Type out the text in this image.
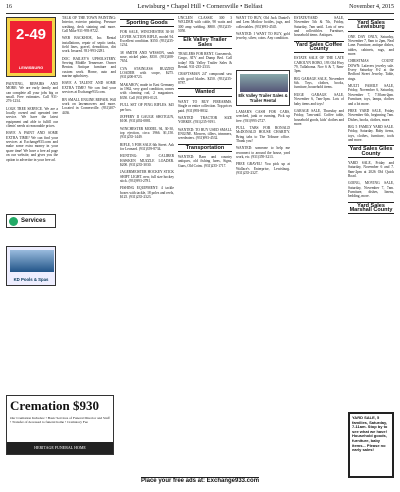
16	Lewisburg • Chapel Hill • Cornersville • Belfast	November 4, 2015
2-49
LEWISBURG

PAINTING, REPAIRS AND MORE: We are early family and can complete all your jobs big or small. Free estimates. Call 931-276-1234.

LOGE TREE SERVICE. We are a locally owned and operated tree service. We have the latest equipment and able to fulfill our clients' needs at reasonable prices.

HAVE A PAINT AND SOME EXTRA TIME? We can find your services at Exchange933.com and make some extra money in your spare time! We have a free ad page on our website, and gives you the option to advertise in your free ad.

Services
KD Pools & Spas

TALK OF THE TOWN PAINTING: Interior, exterior painting. Pressure washing, deck staining and more. Call Mike 931-993-8722.

WEB BACKHOE, Inc. Rental installations, repair of septic tanks, field lines, gravel, demolition, dirt work. Insured. 931-993-2281.

DOC BAILEY'S UPHOLSTERY. Serving Middle Tennessee. Owner Benton. Antique furniture and custom work. Home, auto and marine upholstery.

HAVE A TALENT AND SOME EXTRA TIME? We can find your services at Exchange933.com.

RN SMALL ENGINE REPAIR. Will work on lawnmowers and more. Located in Cornersville. (931)307-4436.

Sporting Goods

FOR SALE, WINCHESTER 30-30 LEVER ACTION RIFLE, model 94. Excellent condition. $350. (931)235-1234.

38 SMITH AND WESSON, snub nose, nickel plate, $350. (931)308-7654.

CVA STAINLESS BUZZED LOADER with scope, $275. (931)200-8723.

MAKAROV, made in East Germany in 1962, very good condition, comes with cleaning rod, 2 magazines. $350. Call (931)993-0121.

FULL SET OF PING RIFLES. $45 per box.

JEFFERY II GAUGE SHOTGUN, $100. (931)492-0881.

WINCHESTER MODEL 94, 30-30, top ejection, circa 1966. $1,150. (931)235-1449.

RIFLE, 5 FOR SALE 6th Street. Ask for Leonard. (931)359-8734.

HUNTING: 30 CALIBER HAWKEN MUZZLE LOADER. $200. (931)235-3030.

JAGERMEISTER HOCKEY STICK SHIFT LIGHT. new, full size hockey stick. (931)993-2781.

FISHING EQUIPMENT: 4 tackle boxes with tackle, 18 poles and reels, $125. (931)235-2323.

UNCLEN CLASSIC 300 3 WELDER with cable, 90 watts and 300 amp welding. $800. (931)235-5050.

Elk Valley Trailer Sales

TRAILERS FOR RENT. Gooseneck, Cargo, ATV and Dump Bed. Call today! Elk Valley Trailer Sales & Rental. 931-235-2333.

CRAFTSMAN 24" compound saw with good blades. $250. (931)235-8787.

Wanted

WANT TO BUY FIREARMS. Single or entire collection. Top prices paid. (931)993-8832.

WANTED TRACTOR SIZE YORKIE. (931)235-9191.

WANTED: TO BUY USED SMALL ENGINE. Mowers, tillers, trimmers, weedeaters. (931)993-4532.

Transportation

WANTED: Barn and country antiques, old fishing lures, Signs, Guns, Old Coins. (931)235-1717.

Elk Valley Trailer Sales & Trailer Rental

WANT TO BUY, Old Jack Daniel's and Lem Motlow bottles, jugs, and collectables. (931)993-4545.

WANTED: I WANT TO BUY, gold jewelry, silver, coins. Any condition.

LAMAR'S CASH FOR CARS, wrecked, junk or running. Pick up free. (931)993-2727.

PULL TABS FOR RONALD McDONALD HOUSE CHARITY. Bring tabs to The Tribune office. Thank you!

WANTED: someone to help me reconnect to around the house, yard work, etc. (931)359-3213.

FREE GRAVEL! You pick up at Wallace's Enterprise, Lewisburg. (931)235-2327.

ESTATE/YARD SALE, November 5th & 7th, Friday, Saturday, 7am until. Lots of new and collectibles. Furniture, household items. Antiques.

Yard Sales Coffee County

ESTATE SALE OF THE LATE CAROLYN ROBO, 193 Old Hwy 79, Tullahoma. Nov 6 & 7, 8am-3pm.

BIG GARAGE SALE, November 6th. Toys, clothes, books, furniture, household items.

HUGE GARAGE SALE, November 6, 7am-3pm. Lots of baby items and toys!

GARAGE SALE, Thursday and Friday, 7am-until. Coffee table, household goods, kids' clothes and more.

Yard Sales Lewisburg

ONE DAY ONLY, Saturday, November 7, 8am to 2pm, Neal Lane. Furniture, antique dishes, tables, cabinets, rugs, and more.

CHRISTMAS COUNT DOWN: Lafavers jewelry sale. Every Saturday 8-2 at the Bedford Street Jewelry. Table, rings.

MULTI FAMILY SALE, Friday, November 6, Saturday, November 7, 7:30am-2pm. Furniture, toys, lamps, clothes and a lot more.

FREE YARD SALE, Friday November 6th, beginning 7am. Dishes, books, clothes, more.

BIG 5 FAMILY YARD SALE. Friday, Saturday. Baby items, toys, clothes, furniture, tools and more.

Yard Sales Giles County

YARD SALE, Friday and Saturday, November 6 and 7. 8am-2pm at 2026 Old Quick Road.

GOING, MOVING SALE, Saturday, November 7, 7am. Furniture, dishes, linens, bedding, more.

Yard Sales Marshall County
YARD SALE, 5 families, Saturday, 7-11am. Stop by to see what we have! Household goods, furniture, baby items... Please no early sales!
Cremation $930
Our Cremation Includes: • Basic Services of Funeral Director and Staff • Transfer of deceased to funeral home • Crematory Fee
HERITAGE FUNERAL HOME
Place your free ads at: Exchange933.com
